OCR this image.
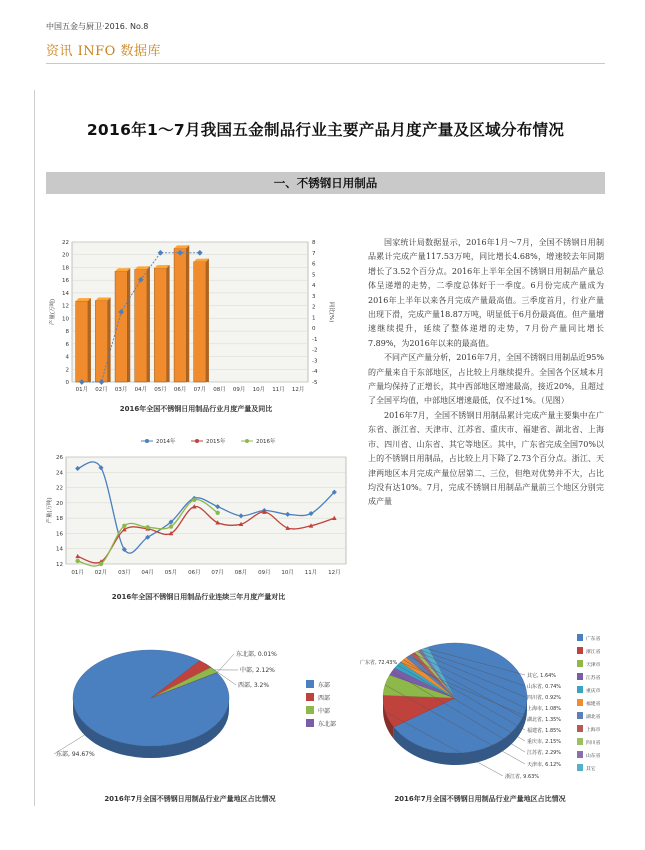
中国五金与厨卫·2016. No.8
资讯 INFO 数据库
2016年1～7月我国五金制品行业主要产品月度产量及区域分布情况
一、不锈钢日用制品

国家统计局数据显示，2016年1月～7月，全国不锈钢日用制品累计完成产量117.53万吨，同比增长4.68%，增速较去年同期增长了3.52个百分点。2016年上半年全国不锈钢日用制品产量总体呈递增的走势，二季度总体好于一季度。6月份完成产量成为2016年上半年以来各月完成产量最高值。三季度首月，行业产量出现下滑，完成产量18.87万吨，明显低于6月份最高值。但产量增速继续提升，延续了整体递增的走势，7月份产量同比增长7.89%，为2016年以来的最高值。

不同产区产量分析，2016年7月，全国不锈钢日用制品近95%的产量来自于东部地区，占比较上月继续提升。全国各个区域本月产量均保持了正增长，其中西部地区增速最高，接近20%，且超过了全国平均值，中部地区增速最低，仅不过1%。（见图）

2016年7月，全国不锈钢日用制品累计完成产量主要集中在广东省、浙江省、天津市、江苏省、重庆市、福建省、湖北省、上海市、四川省、山东省、其它等地区。其中，广东省完成全国70%以上的不锈钢日用制品，占比较上月下降了2.73个百分点。浙江、天津两地区本月完成产量位居第二、三位，但绝对优势并不大，占比均没有达10%。7月，完成不锈钢日用制品产量前三个地区分别完成产量

0
2
4
6
8
10
12
14
16
18
20
22
-5
-4
-3
-2
-1
0
1
2
3
4
5
6
7
8
产量(万吨)	同比(%)
01月 02月 03月 04月 05月 06月 07月 08月 09月 10月 11月 12月
2016年全国不锈钢日用制品行业月度产量及同比
2014年	2015年	2016年
12
14
16
18
20
22
24
26
产量(万吨)
01月 02月 03月 04月 05月 06月 07月 08月 09月 10月 11月 12月
2016年全国不锈钢日用制品行业连续三年月度产量对比
东部, 94.67%
西部, 3.2%
中部, 2.12%
东北部, 0.01%
东部
西部
中部
东北部
2016年7月全国不锈钢日用制品行业产量地区占比情况
广东省, 72.43%
浙江省, 9.63%
天津市, 6.12%
江苏省, 2.29%
重庆市, 2.15%
福建省, 1.85%
湖北省, 1.35%
上海市, 1.08%
四川省, 0.92%
山东省, 0.74%
其它, 1.64%
广东省
浙江省
天津市
江苏省
重庆市
福建省
湖北省
上海市
四川省
山东省
其它
2016年7月全国不锈钢日用制品行业产量地区占比情况
